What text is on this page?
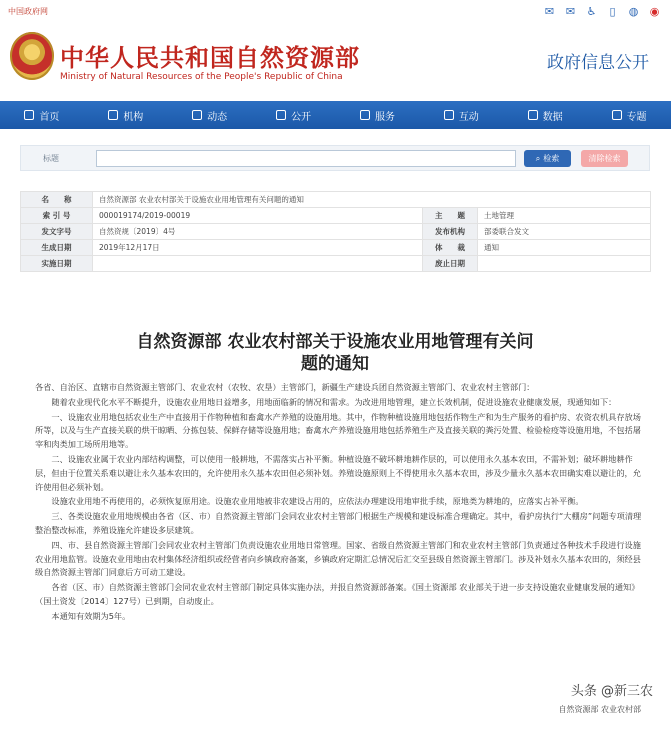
中国政府网	✉ ✉ ♿	▯	◍ ◉
中华人民共和国自然资源部
Ministry of Natural Resources of the People's Republic of China
政府信息公开
首页	机构	动态	公开	服务	互动	数据	专题
标题	⌕ 检索	清除检索
名　　称	自然资源部 农业农村部关于设施农业用地管理有关问题的通知		
索 引 号	000019174/2019-00019	主　　题	土地管理
发文字号	自然资规〔2019〕4号	发布机构	部委联合发文
生成日期	2019年12月17日	体　　裁	通知
实施日期		废止日期	
自然资源部 农业农村部关于设施农业用地管理有关问
题的通知

各省、自治区、直辖市自然资源主管部门、农业农村（农牧、农垦）主管部门，新疆生产建设兵团自然资源主管部门、农业农村主管部门：

随着农业现代化水平不断提升，设施农业用地日益增多，用地面临新的情况和需求。为改进用地管理，建立长效机制，促进设施农业健康发展，现通知如下：

一、设施农业用地包括农业生产中直接用于作物种植和畜禽水产养殖的设施用地。其中，作物种植设施用地包括作物生产和为生产服务的看护房、农资农机具存放场所等，以及与生产直接关联的烘干晾晒、分拣包装、保鲜存储等设施用地；畜禽水产养殖设施用地包括养殖生产及直接关联的粪污处置、检验检疫等设施用地，不包括屠宰和肉类加工场所用地等。

二、设施农业属于农业内部结构调整，可以使用一般耕地，不需落实占补平衡。种植设施不破坏耕地耕作层的，可以使用永久基本农田，不需补划；破坏耕地耕作层，但由于位置关系难以避让永久基本农田的，允许使用永久基本农田但必须补划。养殖设施原则上不得使用永久基本农田，涉及少量永久基本农田确实难以避让的，允许使用但必须补划。

设施农业用地不再使用的，必须恢复原用途。设施农业用地被非农建设占用的，应依法办理建设用地审批手续，原地类为耕地的，应落实占补平衡。

三、各类设施农业用地规模由各省（区、市）自然资源主管部门会同农业农村主管部门根据生产规模和建设标准合理确定。其中，看护房执行“大棚房”问题专项清理整治整改标准，养殖设施允许建设多层建筑。

四、市、县自然资源主管部门会同农业农村主管部门负责设施农业用地日常管理。国家、省级自然资源主管部门和农业农村主管部门负责通过各种技术手段进行设施农业用地监管。设施农业用地由农村集体经济组织或经营者向乡镇政府备案，乡镇政府定期汇总情况后汇交至县级自然资源主管部门。涉及补划永久基本农田的，须经县级自然资源主管部门同意后方可动工建设。

各省（区、市）自然资源主管部门会同农业农村主管部门制定具体实施办法，并报自然资源部备案。《国土资源部 农业部关于进一步支持设施农业健康发展的通知》（国土资发〔2014〕127号）已到期，自动废止。

本通知有效期为5年。

头条 @新三农
自然资源部 农业农村部
